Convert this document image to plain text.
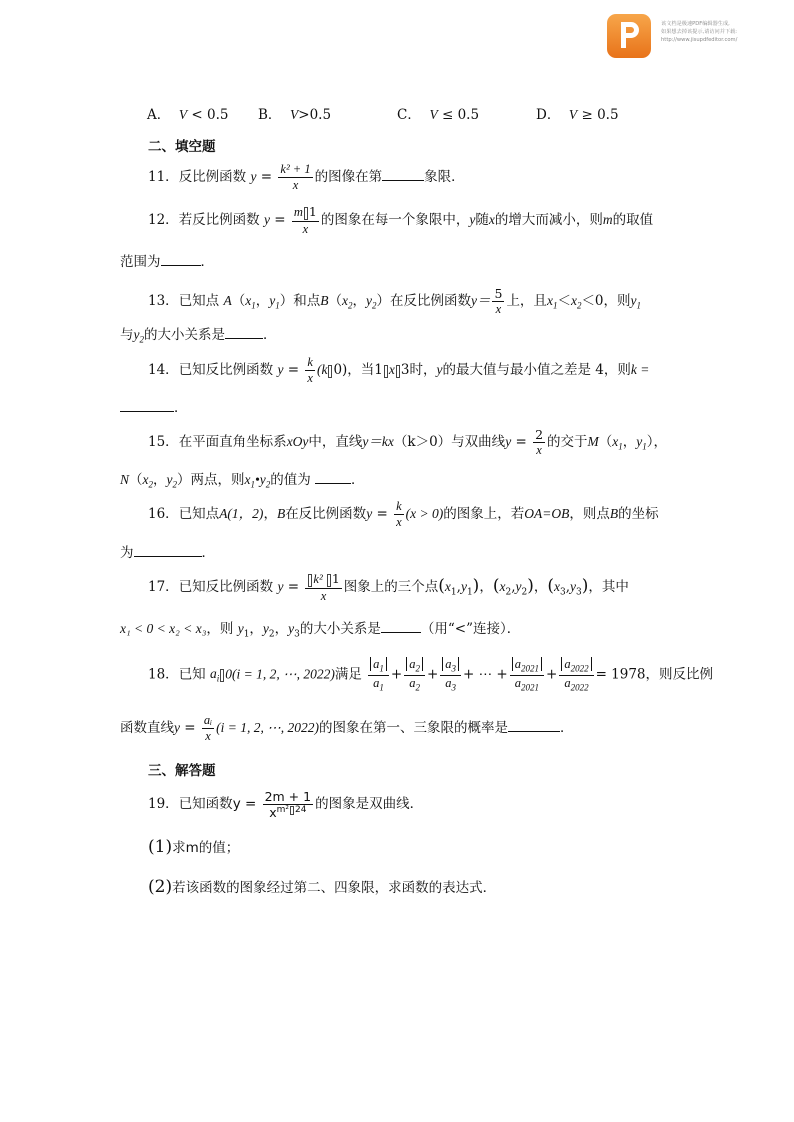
该文档是极速PDF编辑器生成,
如果想去掉该提示,请访问并下载:
http://www.jisupdfeditor.com/
A． V < 0.5 B． V>0.5	C． V ≤ 0.5	D． V ≥ 0.5
二、填空题
11．反比例函数 $y = \frac{\text{k² + 1}}{x}$ 的图像在第	象限．
12．若反比例函数 $y = \frac{m 1}{x}$ 的图象在每一个象限中，y随x的增大而减小，则m的取值
范围为	．
13．已知点 $A(x_1$，$y_1$）和点$B(x_2$，$y_2$）在反比例函数$y= \frac{5}{x}$ 上，且$x_1<x_2<0$，则$y_1$
与$y_2$的大小关系是	．
14．已知反比例函数 $y = \frac{k}{x} (k$ 0)，当1 x 3时，y的最大值与最小值之差是 4，则k =
．
15．在平面直角坐标系xOy中，直线y＝kx（k＞0）与双曲线$y = \frac{2}{x}$ 的交于$M(x_1$，$y_1$），
$N(x_2$，$y_2$）两点，则$x_1•y_2$的值为	．
16．已知点A(1，2)，B在反比例函数$y = \frac{k}{x} (x > 0)$的图象上，若OA=OB，则点B的坐标
为	．
17．已知反比例函数 $y = \frac{\text{k² 1}}{x}$ 图象上的三个点$(x_1,y_1)$，$(x_2,y_2)$，$(x_3,y_3)$，其中
x₁ < 0 < x₂ < x₃，则 $y_1$，$y_2$，$y_3$的大小关系是	（用“<”连接）．
18．已知 $a_i$ 0(i = 1, 2, ⋯, 2022)满足 $\frac{a_1}{a_1} + \frac{a_2}{a_2} + \frac{a_3}{a_3}$ + ⋯ + $\frac{a_{2021}}{a_{2021}} + \frac{a_{2022}}{a_{2022}} = 1978$，则反比例
函数直线$y = \frac{\text{aᵢ}}{x} (i = 1$, 2, ⋯, 2022)的图象在第一、三象限的概率是	．
三、解答题
19．已知函数$y = \frac{2m + 1}{x^{m^2 24}}$ 的图象是双曲线．
(1)求m的值；
(2)若该函数的图象经过第二、四象限，求函数的表达式．
